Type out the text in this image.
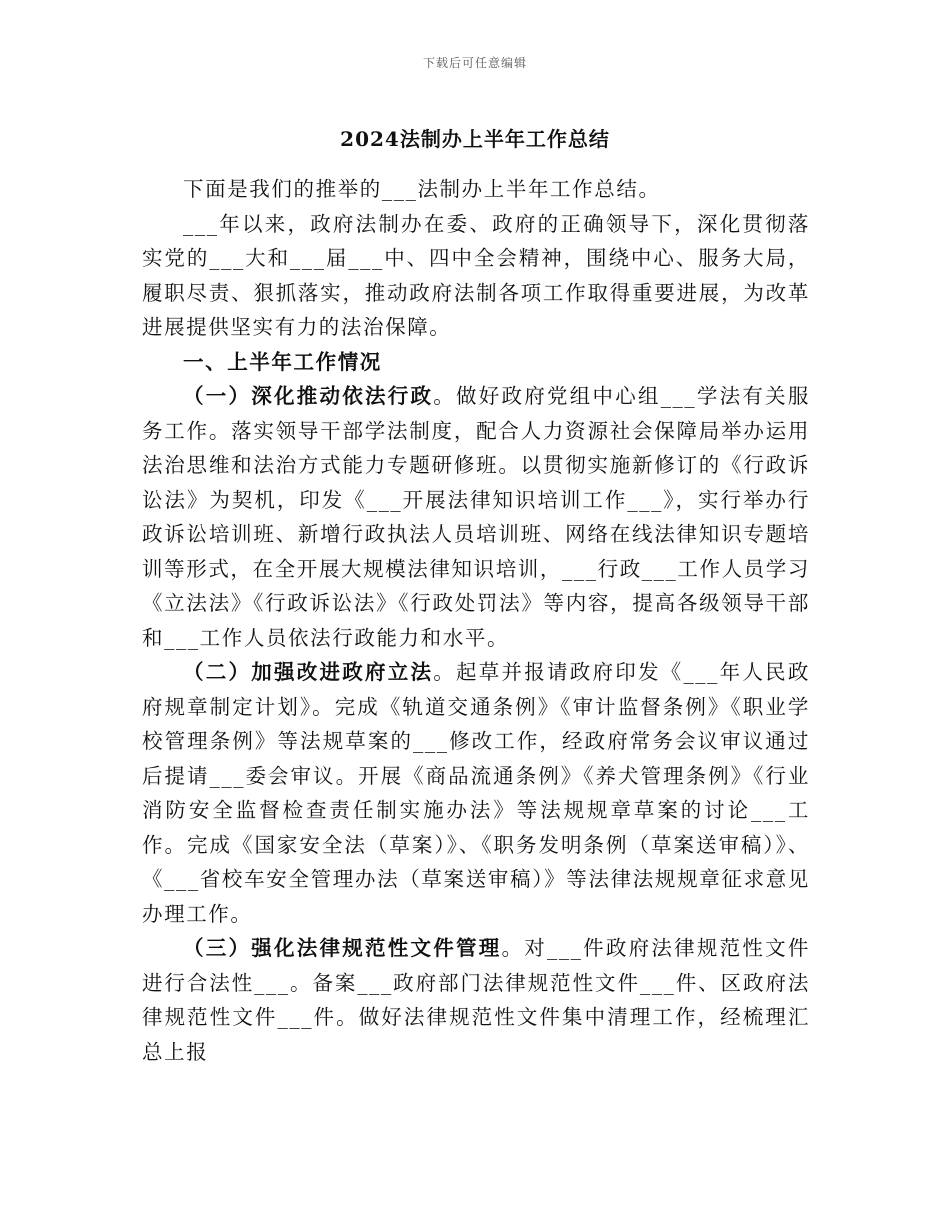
下载后可任意编辑
2024法制办上半年工作总结

下面是我们的推举的___法制办上半年工作总结。

___年以来，政府法制办在委、政府的正确领导下，深化贯彻落实党的___大和___届___中、四中全会精神，围绕中心、服务大局，履职尽责、狠抓落实，推动政府法制各项工作取得重要进展，为改革进展提供坚实有力的法治保障。

一、上半年工作情况

（一）深化推动依法行政。做好政府党组中心组___学法有关服务工作。落实领导干部学法制度，配合人力资源社会保障局举办运用法治思维和法治方式能力专题研修班。以贯彻实施新修订的《行政诉讼法》为契机，印发《___开展法律知识培训工作___》，实行举办行政诉讼培训班、新增行政执法人员培训班、网络在线法律知识专题培训等形式，在全开展大规模法律知识培训，___行政___工作人员学习《立法法》《行政诉讼法》《行政处罚法》等内容，提高各级领导干部和___工作人员依法行政能力和水平。

（二）加强改进政府立法。起草并报请政府印发《___年人民政府规章制定计划》。完成《轨道交通条例》《审计监督条例》《职业学校管理条例》等法规草案的___修改工作，经政府常务会议审议通过后提请___委会审议。开展《商品流通条例》《养犬管理条例》《行业消防安全监督检查责任制实施办法》等法规规章草案的讨论___工作。完成《国家安全法（草案）》、《职务发明条例（草案送审稿）》、《___省校车安全管理办法（草案送审稿）》等法律法规规章征求意见办理工作。

（三）强化法律规范性文件管理。对___件政府法律规范性文件进行合法性___。备案___政府部门法律规范性文件___件、区政府法律规范性文件___件。做好法律规范性文件集中清理工作，经梳理汇总上报
